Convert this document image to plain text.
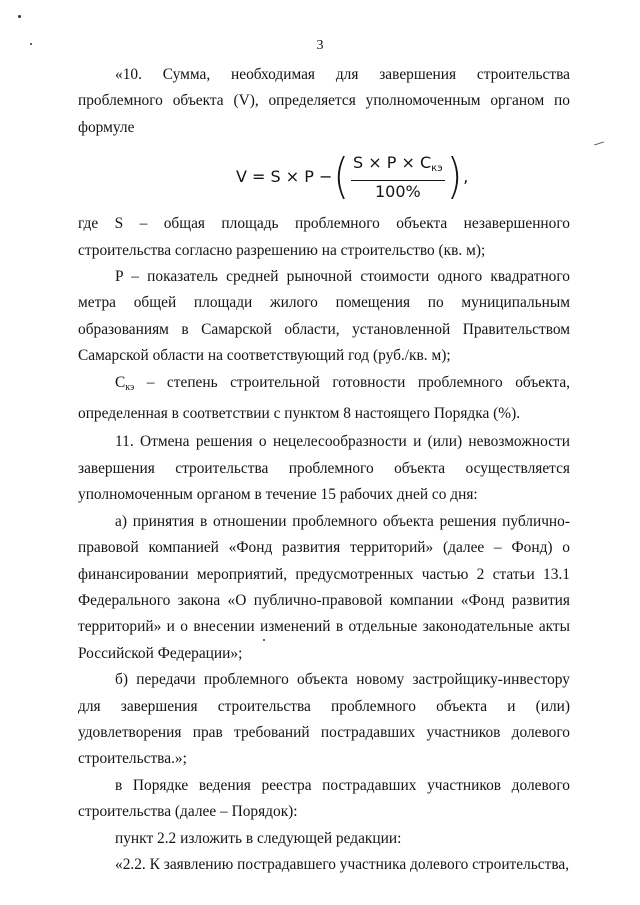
3

«10. Сумма, необходимая для завершения строительства проблемного объекта (V), определяется уполномоченным органом по формуле

V = S × P − ( $\frac{S \times P \times C_{кэ}}{100\%}$ ) ,

где S – общая площадь проблемного объекта незавершенного строительства согласно разрешению на строительство (кв. м);

P – показатель средней рыночной стоимости одного квадратного метра общей площади жилого помещения по муниципальным образованиям в Самарской области, установленной Правительством Самарской области на соответствующий год (руб./кв. м);

$C_{кэ}$ – степень строительной готовности проблемного объекта, определенная в соответствии с пунктом 8 настоящего Порядка (%).

11. Отмена решения о нецелесообразности и (или) невозможности завершения строительства проблемного объекта осуществляется уполномоченным органом в течение 15 рабочих дней со дня:

а) принятия в отношении проблемного объекта решения публично-правовой компанией «Фонд развития территорий» (далее – Фонд) о финансировании мероприятий, предусмотренных частью 2 статьи 13.1 Федерального закона «О публично-правовой компании «Фонд развития территорий» и о внесении изменений в отдельные законодательные акты Российской Федерации»;

б) передачи проблемного объекта новому застройщику-инвестору для завершения строительства проблемного объекта и (или) удовлетворения прав требований пострадавших участников долевого строительства.»;

в Порядке ведения реестра пострадавших участников долевого строительства (далее – Порядок):

пункт 2.2 изложить в следующей редакции:

«2.2. К заявлению пострадавшего участника долевого строительства,
